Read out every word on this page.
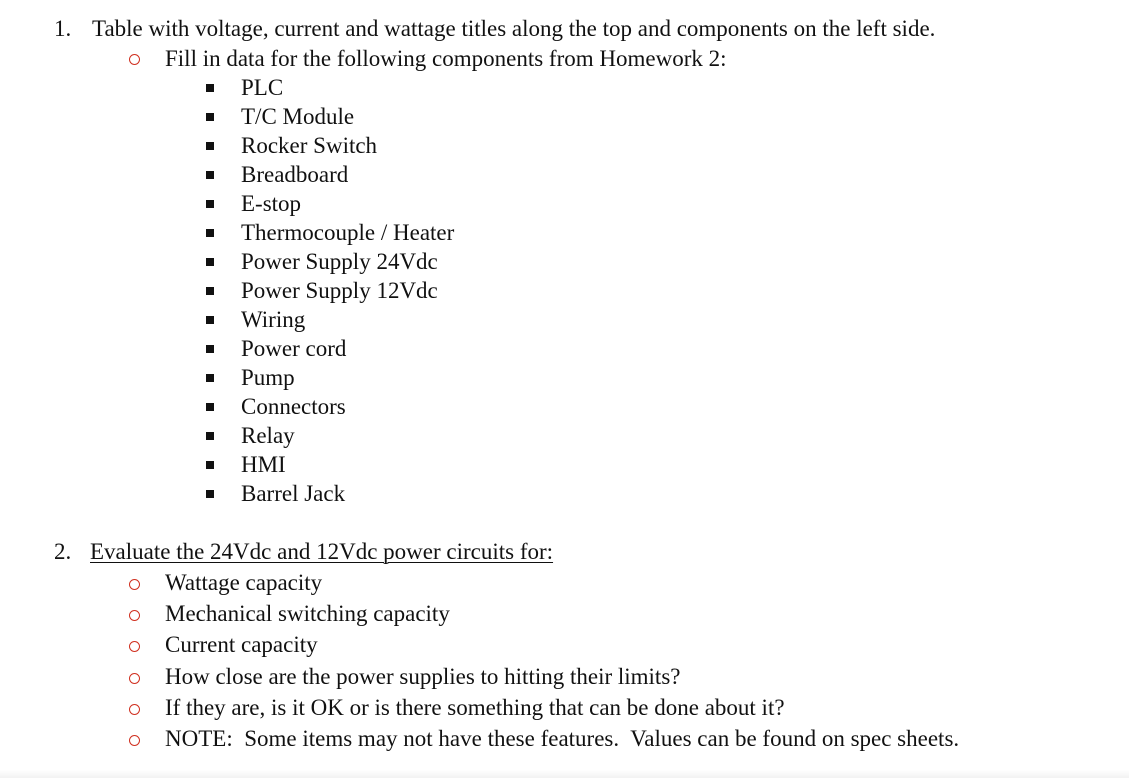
1. Table with voltage, current and wattage titles along the top and components on the left side.
Fill in data for the following components from Homework 2:
PLC
T/C Module
Rocker Switch
Breadboard
E-stop
Thermocouple / Heater
Power Supply 24Vdc
Power Supply 12Vdc
Wiring
Power cord
Pump
Connectors
Relay
HMI
Barrel Jack
2. Evaluate the 24Vdc and 12Vdc power circuits for:
Wattage capacity
Mechanical switching capacity
Current capacity
How close are the power supplies to hitting their limits?
If they are, is it OK or is there something that can be done about it?
NOTE:  Some items may not have these features.  Values can be found on spec sheets.
